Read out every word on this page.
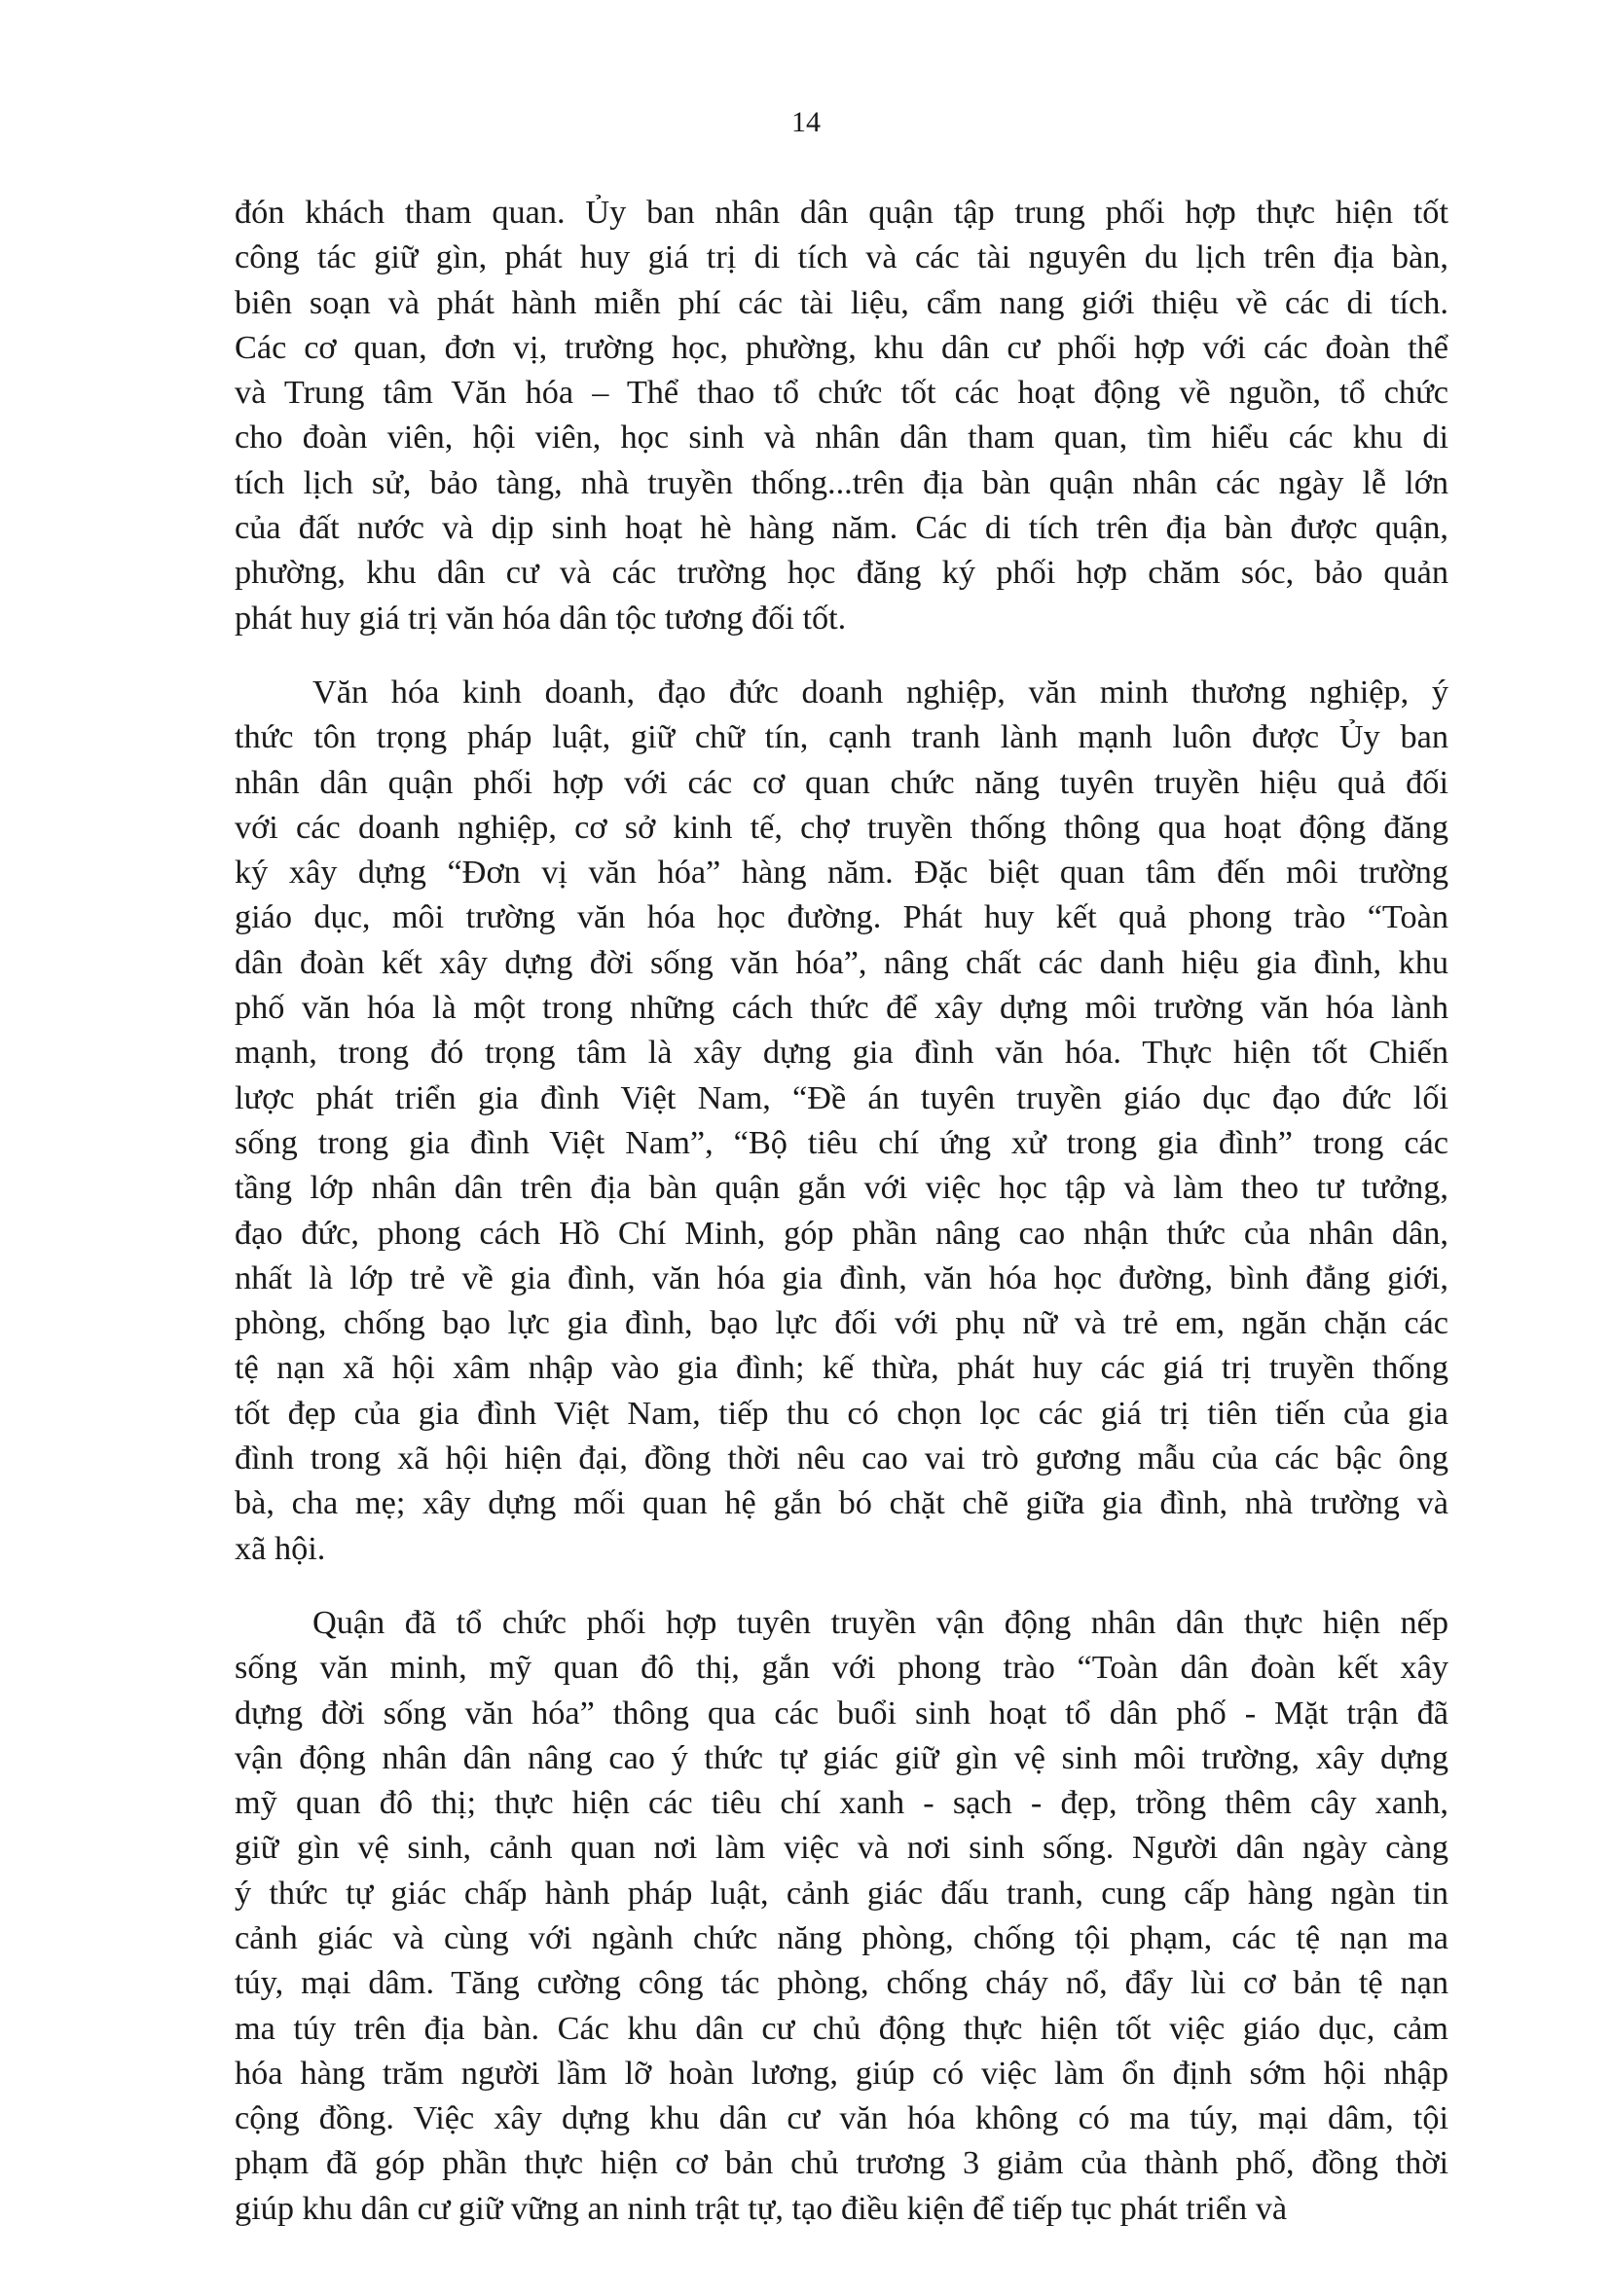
14
đón khách tham quan. Ủy ban nhân dân quận tập trung phối hợp thực hiện tốt
công tác giữ gìn, phát huy giá trị di tích và các tài nguyên du lịch trên địa bàn,
biên soạn và phát hành miễn phí các tài liệu, cẩm nang giới thiệu về các di tích.
Các cơ quan, đơn vị, trường học, phường, khu dân cư phối hợp với các đoàn thể
và Trung tâm Văn hóa – Thể thao tổ chức tốt các hoạt động về nguồn, tổ chức
cho đoàn viên, hội viên, học sinh và nhân dân tham quan, tìm hiểu các khu di
tích lịch sử, bảo tàng, nhà truyền thống...trên địa bàn quận nhân các ngày lễ lớn
của đất nước và dịp sinh hoạt hè hàng năm. Các di tích trên địa bàn được quận,
phường, khu dân cư và các trường học đăng ký phối hợp chăm sóc, bảo quản
phát huy giá trị văn hóa dân tộc tương đối tốt.
Văn hóa kinh doanh, đạo đức doanh nghiệp, văn minh thương nghiệp, ý
thức tôn trọng pháp luật, giữ chữ tín, cạnh tranh lành mạnh luôn được Ủy ban
nhân dân quận phối hợp với các cơ quan chức năng tuyên truyền hiệu quả đối
với các doanh nghiệp, cơ sở kinh tế, chợ truyền thống thông qua hoạt động đăng
ký xây dựng “Đơn vị văn hóa” hàng năm. Đặc biệt quan tâm đến môi trường
giáo dục, môi trường văn hóa học đường. Phát huy kết quả phong trào “Toàn
dân đoàn kết xây dựng đời sống văn hóa”, nâng chất các danh hiệu gia đình, khu
phố văn hóa là một trong những cách thức để xây dựng môi trường văn hóa lành
mạnh, trong đó trọng tâm là xây dựng gia đình văn hóa. Thực hiện tốt Chiến
lược phát triển gia đình Việt Nam, “Đề án tuyên truyền giáo dục đạo đức lối
sống trong gia đình Việt Nam”, “Bộ tiêu chí ứng xử trong gia đình” trong các
tầng lớp nhân dân trên địa bàn quận gắn với việc học tập và làm theo tư tưởng,
đạo đức, phong cách Hồ Chí Minh, góp phần nâng cao nhận thức của nhân dân,
nhất là lớp trẻ về gia đình, văn hóa gia đình, văn hóa học đường, bình đẳng giới,
phòng, chống bạo lực gia đình, bạo lực đối với phụ nữ và trẻ em, ngăn chặn các
tệ nạn xã hội xâm nhập vào gia đình; kế thừa, phát huy các giá trị truyền thống
tốt đẹp của gia đình Việt Nam, tiếp thu có chọn lọc các giá trị tiên tiến của gia
đình trong xã hội hiện đại, đồng thời nêu cao vai trò gương mẫu của các bậc ông
bà, cha mẹ; xây dựng mối quan hệ gắn bó chặt chẽ giữa gia đình, nhà trường và
xã hội.
Quận đã tổ chức phối hợp tuyên truyền vận động nhân dân thực hiện nếp
sống văn minh, mỹ quan đô thị, gắn với phong trào “Toàn dân đoàn kết xây
dựng đời sống văn hóa” thông qua các buổi sinh hoạt tổ dân phố - Mặt trận đã
vận động nhân dân nâng cao ý thức tự giác giữ gìn vệ sinh môi trường, xây dựng
mỹ quan đô thị; thực hiện các tiêu chí xanh - sạch - đẹp, trồng thêm cây xanh,
giữ gìn vệ sinh, cảnh quan nơi làm việc và nơi sinh sống. Người dân ngày càng
ý thức tự giác chấp hành pháp luật, cảnh giác đấu tranh, cung cấp hàng ngàn tin
cảnh giác và cùng với ngành chức năng phòng, chống tội phạm, các tệ nạn ma
túy, mại dâm. Tăng cường công tác phòng, chống cháy nổ, đẩy lùi cơ bản tệ nạn
ma túy trên địa bàn. Các khu dân cư chủ động thực hiện tốt việc giáo dục, cảm
hóa hàng trăm người lầm lỡ hoàn lương, giúp có việc làm ổn định sớm hội nhập
cộng đồng. Việc xây dựng khu dân cư văn hóa không có ma túy, mại dâm, tội
phạm đã góp phần thực hiện cơ bản chủ trương 3 giảm của thành phố, đồng thời
giúp khu dân cư giữ vững an ninh trật tự, tạo điều kiện để tiếp tục phát triển và
